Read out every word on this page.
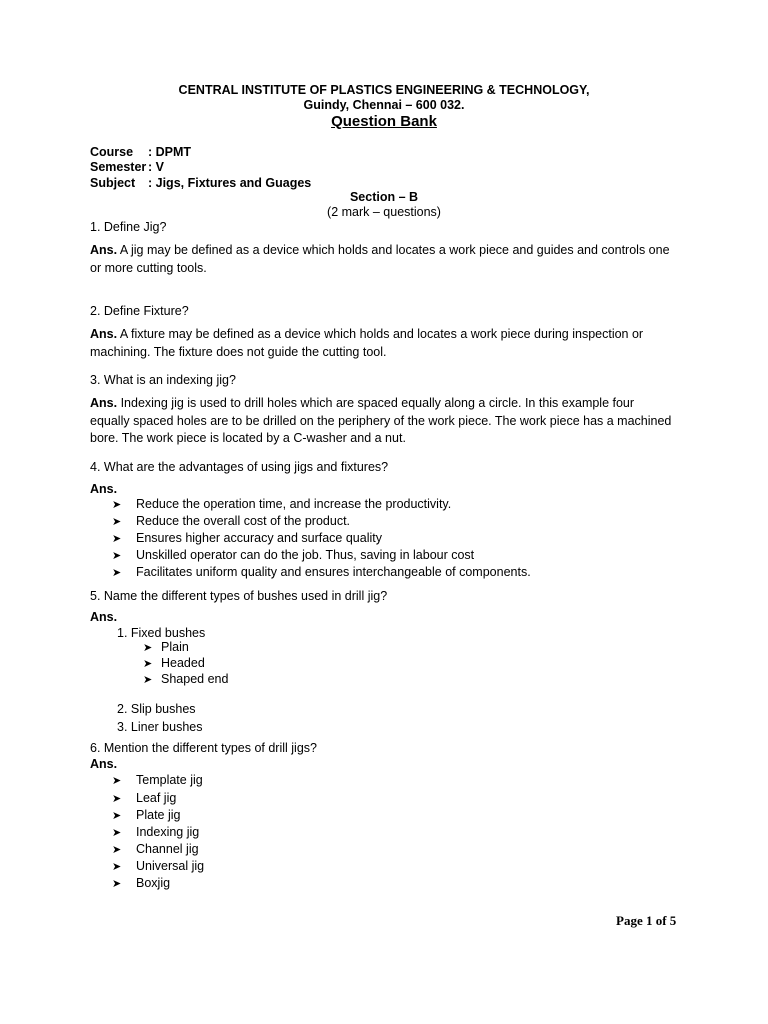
CENTRAL INSTITUTE OF PLASTICS ENGINEERING & TECHNOLOGY,
Guindy, Chennai – 600 032.
Question Bank
Course : DPMT
Semester : V
Subject : Jigs, Fixtures and Guages
Section – B
(2 mark – questions)
1. Define Jig?
Ans. A jig may be defined as a device which holds and locates a work piece and guides and controls one
or more cutting tools.
2. Define Fixture?
Ans. A fixture may be defined as a device which holds and locates a work piece during inspection or
machining. The fixture does not guide the cutting tool.
3. What is an indexing jig?
Ans. Indexing jig is used to drill holes which are spaced equally along a circle. In this example four
equally spaced holes are to be drilled on the periphery of the work piece. The work piece has a machined
bore. The work piece is located by a C-washer and a nut.
4. What are the advantages of using jigs and fixtures?
Ans.
➤ Reduce the operation time, and increase the productivity.
➤ Reduce the overall cost of the product.
➤ Ensures higher accuracy and surface quality
➤ Unskilled operator can do the job. Thus, saving in labour cost
➤ Facilitates uniform quality and ensures interchangeable of components.
5. Name the different types of bushes used in drill jig?
Ans.
1. Fixed bushes
➤ Plain
➤ Headed
➤ Shaped end
2. Slip bushes
3. Liner bushes
6. Mention the different types of drill jigs?
Ans.
➤ Template jig
➤ Leaf jig
➤ Plate jig
➤ Indexing jig
➤ Channel jig
➤ Universal jig
➤ Boxjig
Page 1 of 5
